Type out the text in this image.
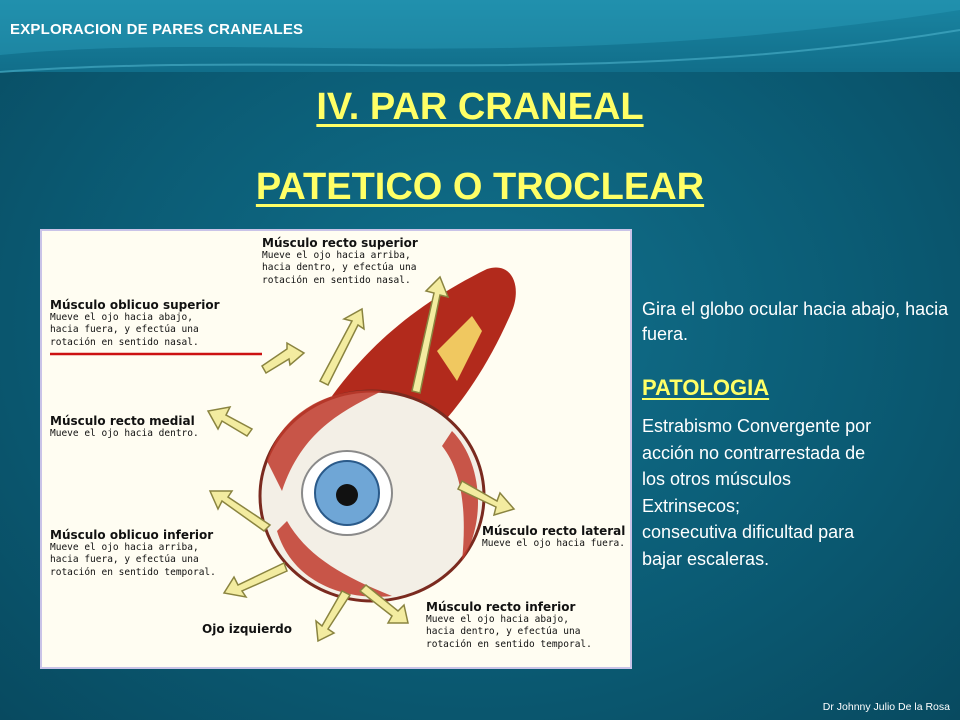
EXPLORACION DE PARES CRANEALES
IV. PAR CRANEAL
PATETICO O TROCLEAR
Músculo recto superior
Mueve el ojo hacia arriba,
hacia dentro, y efectúa una
rotación en sentido nasal.
Músculo oblicuo superior
Mueve el ojo hacia abajo,
hacia fuera, y efectúa una
rotación en sentido nasal.
Músculo recto medial
Mueve el ojo hacia dentro.
Músculo oblicuo inferior
Mueve el ojo hacia arriba,
hacia fuera, y efectúa una
rotación en sentido temporal.
Músculo recto lateral
Mueve el ojo hacia fuera.
Músculo recto inferior
Mueve el ojo hacia abajo,
hacia dentro, y efectúa una
rotación en sentido temporal.
Ojo izquierdo
Gira el globo ocular hacia abajo, hacia fuera.
PATOLOGIA
Estrabismo Convergente por
acción no contrarrestada de
los otros músculos
Extrinsecos;
consecutiva dificultad para
bajar escaleras.
Dr Johnny Julio De la Rosa
